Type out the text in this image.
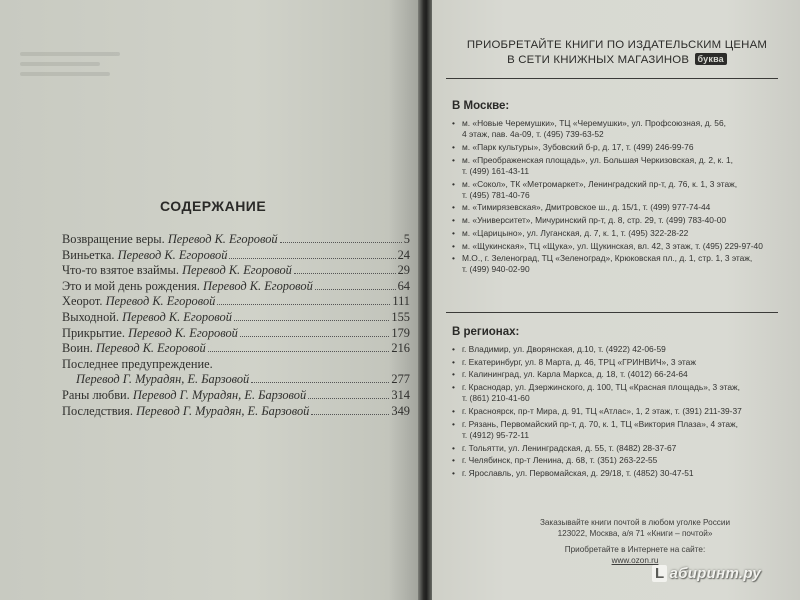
СОДЕРЖАНИЕ
Возвращение веры. Перевод К. Егоровой	5
Виньетка. Перевод К. Егоровой	24
Что-то взятое взаймы. Перевод К. Егоровой	29
Это и мой день рождения. Перевод К. Егоровой	64
Хеорот. Перевод К. Егоровой	111
Выходной. Перевод К. Егоровой	155
Прикрытие. Перевод К. Егоровой	179
Воин. Перевод К. Егоровой	216
Последнее предупреждение.
Перевод Г. Мурадян, Е. Барзовой	277
Раны любви. Перевод Г. Мурадян, Е. Барзовой	314
Последствия. Перевод Г. Мурадян, Е. Барзовой	349
ПРИОБРЕТАЙТЕ КНИГИ ПО ИЗДАТЕЛЬСКИМ ЦЕНАМ
В СЕТИ КНИЖНЫХ МАГАЗИНОВ буква
В Москве:
• м. «Новые Черемушки», ТЦ «Черемушки», ул. Профсоюзная, д. 56,
4 этаж, пав. 4а-09, т. (495) 739-63-52
• м. «Парк культуры», Зубовский б-р, д. 17, т. (499) 246-99-76
• м. «Преображенская площадь», ул. Большая Черкизовская, д. 2, к. 1,
т. (499) 161-43-11
• м. «Сокол», ТК «Метромаркет», Ленинградский пр-т, д. 76, к. 1, 3 этаж,
т. (495) 781-40-76
• м. «Тимирязевская», Дмитровское ш., д. 15/1, т. (499) 977-74-44
• м. «Университет», Мичуринский пр-т, д. 8, стр. 29, т. (499) 783-40-00
• м. «Царицыно», ул. Луганская, д. 7, к. 1, т. (495) 322-28-22
• м. «Щукинская», ТЦ «Щука», ул. Щукинская, вл. 42, 3 этаж, т. (495) 229-97-40
• М.О., г. Зеленоград, ТЦ «Зеленоград», Крюковская пл., д. 1, стр. 1, 3 этаж,
т. (499) 940-02-90
В регионах:
• г. Владимир, ул. Дворянская, д.10, т. (4922) 42-06-59
• г. Екатеринбург, ул. 8 Марта, д. 46, ТРЦ «ГРИНВИЧ», 3 этаж
• г. Калининград, ул. Карла Маркса, д. 18, т. (4012) 66-24-64
• г. Краснодар, ул. Дзержинского, д. 100, ТЦ «Красная площадь», 3 этаж,
т. (861) 210-41-60
• г. Красноярск, пр-т Мира, д. 91, ТЦ «Атлас», 1, 2 этаж, т. (391) 211-39-37
• г. Рязань, Первомайский пр-т, д. 70, к. 1, ТЦ «Виктория Плаза», 4 этаж,
т. (4912) 95-72-11
• г. Тольятти, ул. Ленинградская, д. 55, т. (8482) 28-37-67
• г. Челябинск, пр-т Ленина, д. 68, т. (351) 263-22-55
• г. Ярославль, ул. Первомайская, д. 29/18, т. (4852) 30-47-51
Заказывайте книги почтой в любом уголке России
123022, Москва, а/я 71 «Книги – почтой»
Приобретайте в Интернете на сайте:
www.ozon.ru
L абиринт.ру
